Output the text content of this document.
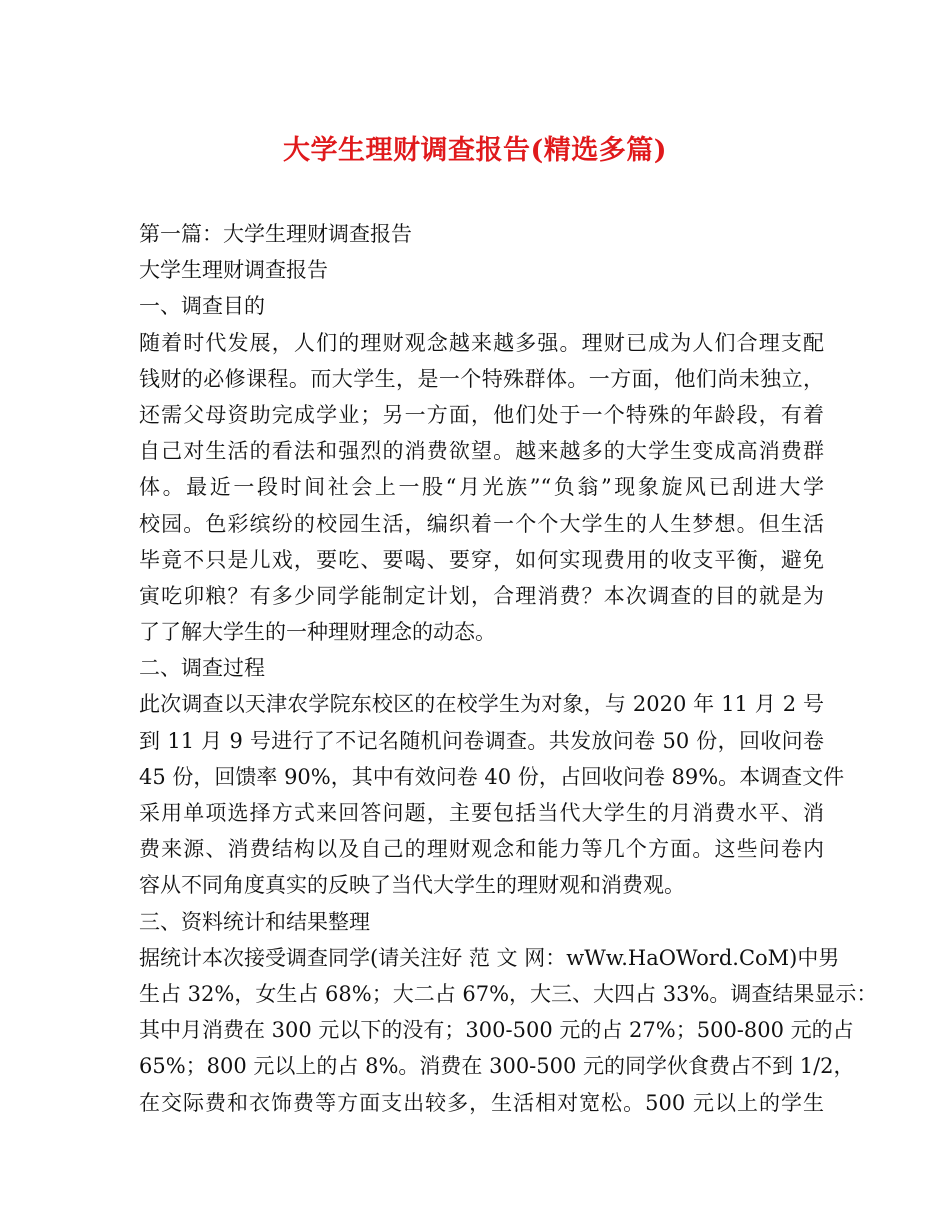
大学生理财调查报告(精选多篇)
第一篇：大学生理财调查报告
大学生理财调查报告
一、调查目的
随着时代发展，人们的理财观念越来越多强。理财已成为人们合理支配
钱财的必修课程。而大学生，是一个特殊群体。一方面，他们尚未独立，
还需父母资助完成学业；另一方面，他们处于一个特殊的年龄段，有着
自己对生活的看法和强烈的消费欲望。越来越多的大学生变成高消费群
体。最近一段时间社会上一股“月光族”“负翁”现象旋风已刮进大学
校园。色彩缤纷的校园生活，编织着一个个大学生的人生梦想。但生活
毕竟不只是儿戏，要吃、要喝、要穿，如何实现费用的收支平衡，避免
寅吃卯粮？有多少同学能制定计划，合理消费？本次调查的目的就是为
了了解大学生的一种理财理念的动态。
二、调查过程
此次调查以天津农学院东校区的在校学生为对象，与 2020 年 11 月 2 号
到 11 月 9 号进行了不记名随机问卷调查。共发放问卷 50 份，回收问卷
45 份，回馈率 90%，其中有效问卷 40 份，占回收问卷 89%。本调查文件
采用单项选择方式来回答问题，主要包括当代大学生的月消费水平、消
费来源、消费结构以及自己的理财观念和能力等几个方面。这些问卷内
容从不同角度真实的反映了当代大学生的理财观和消费观。
三、资料统计和结果整理
据统计本次接受调查同学(请关注好 范 文 网：wWw.HaOWord.CoM)中男
生占 32%，女生占 68%；大二占 67%，大三、大四占 33%。调查结果显示：
其中月消费在 300 元以下的没有；300-500 元的占 27%；500-800 元的占
65%；800 元以上的占 8%。消费在 300-500 元的同学伙食费占不到 1/2，
在交际费和衣饰费等方面支出较多，生活相对宽松。500 元以上的学生
